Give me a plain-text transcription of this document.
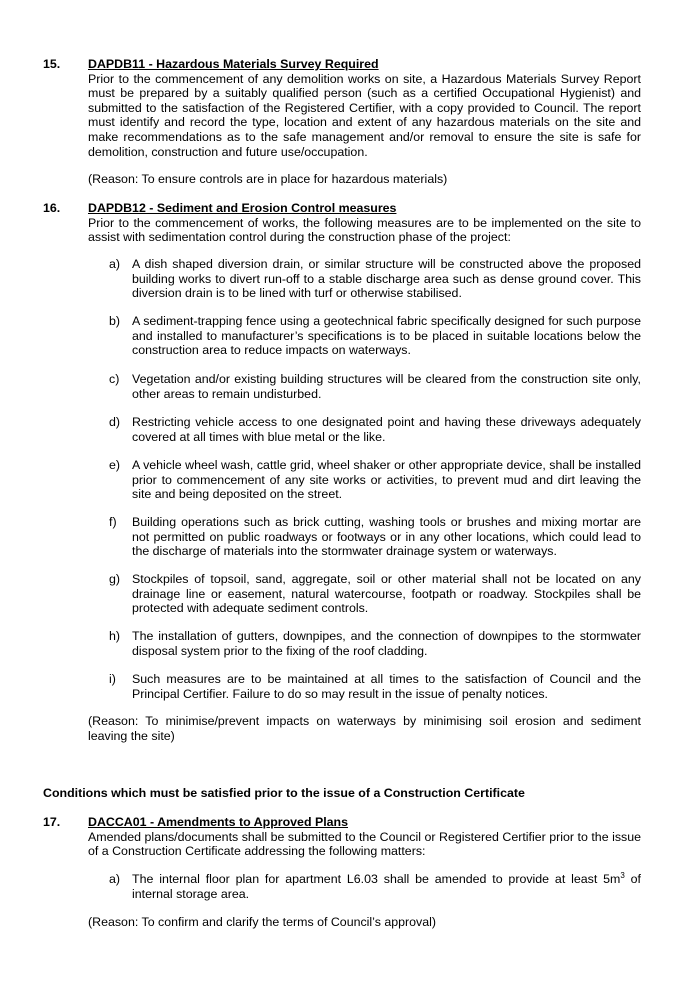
15. DAPDB11 - Hazardous Materials Survey Required

Prior to the commencement of any demolition works on site, a Hazardous Materials Survey Report must be prepared by a suitably qualified person (such as a certified Occupational Hygienist) and submitted to the satisfaction of the Registered Certifier, with a copy provided to Council. The report must identify and record the type, location and extent of any hazardous materials on the site and make recommendations as to the safe management and/or removal to ensure the site is safe for demolition, construction and future use/occupation.

(Reason: To ensure controls are in place for hazardous materials)

16. DAPDB12 - Sediment and Erosion Control measures

Prior to the commencement of works, the following measures are to be implemented on the site to assist with sedimentation control during the construction phase of the project:

a) A dish shaped diversion drain, or similar structure will be constructed above the proposed building works to divert run-off to a stable discharge area such as dense ground cover. This diversion drain is to be lined with turf or otherwise stabilised.

b) A sediment-trapping fence using a geotechnical fabric specifically designed for such purpose and installed to manufacturer’s specifications is to be placed in suitable locations below the construction area to reduce impacts on waterways.

c) Vegetation and/or existing building structures will be cleared from the construction site only, other areas to remain undisturbed.

d) Restricting vehicle access to one designated point and having these driveways adequately covered at all times with blue metal or the like.

e) A vehicle wheel wash, cattle grid, wheel shaker or other appropriate device, shall be installed prior to commencement of any site works or activities, to prevent mud and dirt leaving the site and being deposited on the street.

f) Building operations such as brick cutting, washing tools or brushes and mixing mortar are not permitted on public roadways or footways or in any other locations, which could lead to the discharge of materials into the stormwater drainage system or waterways.

g) Stockpiles of topsoil, sand, aggregate, soil or other material shall not be located on any drainage line or easement, natural watercourse, footpath or roadway. Stockpiles shall be protected with adequate sediment controls.

h) The installation of gutters, downpipes, and the connection of downpipes to the stormwater disposal system prior to the fixing of the roof cladding.

i) Such measures are to be maintained at all times to the satisfaction of Council and the Principal Certifier. Failure to do so may result in the issue of penalty notices.

(Reason: To minimise/prevent impacts on waterways by minimising soil erosion and sediment leaving the site)

Conditions which must be satisfied prior to the issue of a Construction Certificate
17. DACCA01 - Amendments to Approved Plans

Amended plans/documents shall be submitted to the Council or Registered Certifier prior to the issue of a Construction Certificate addressing the following matters:

a) The internal floor plan for apartment L6.03 shall be amended to provide at least $5m^3$ of internal storage area.

(Reason: To confirm and clarify the terms of Council’s approval)
